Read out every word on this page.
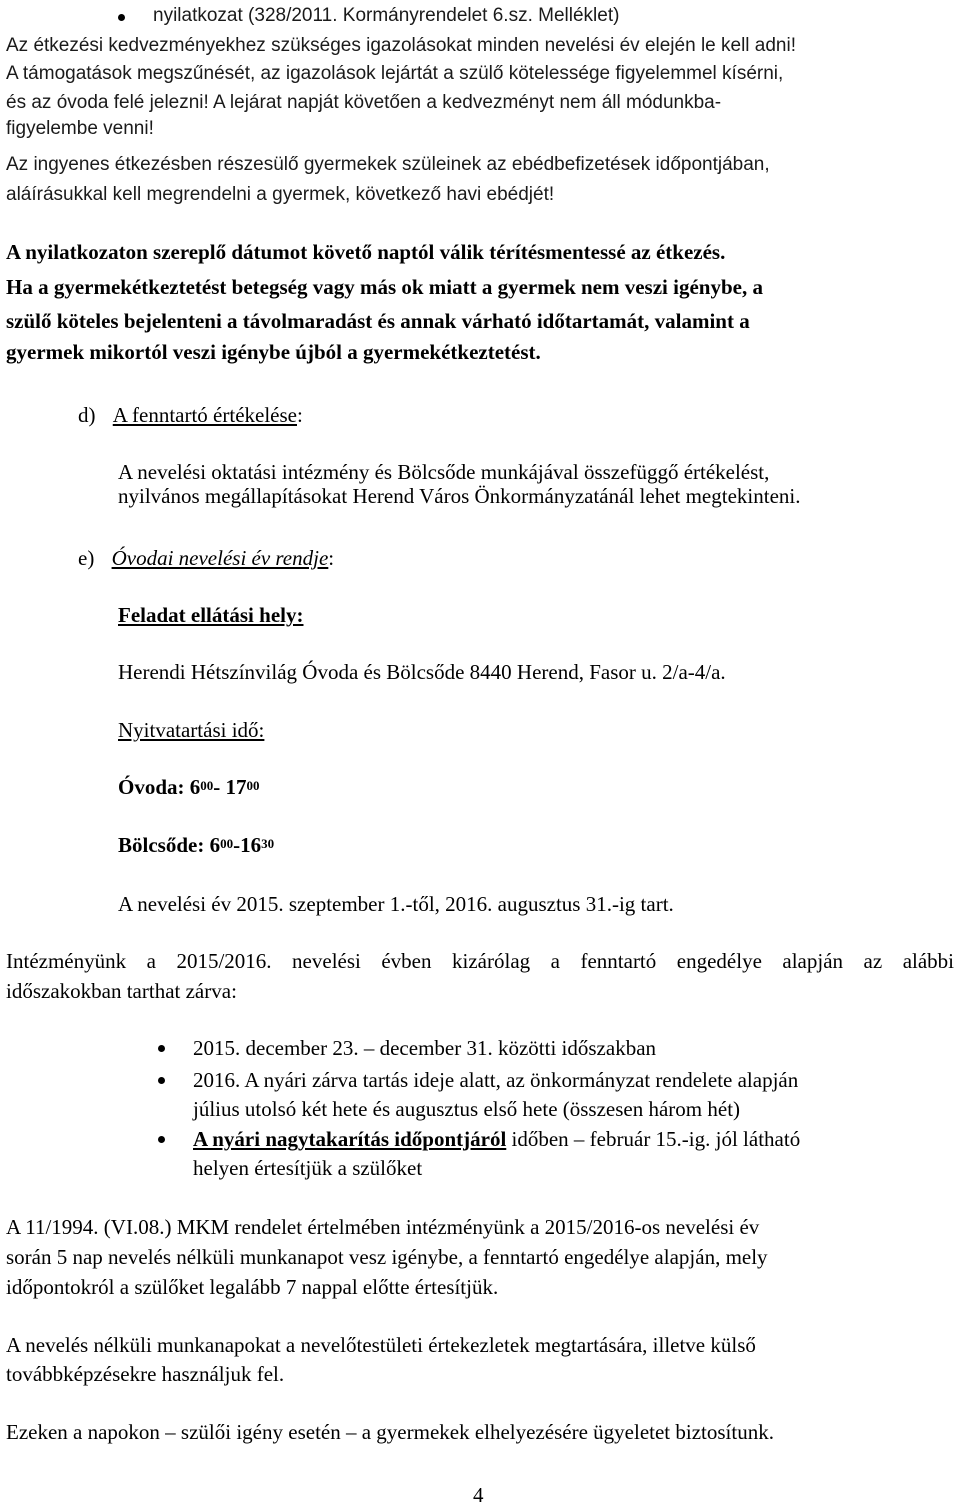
nyilatkozat (328/2011. Kormányrendelet 6.sz. Melléklet)
Az étkezési kedvezményekhez szükséges igazolásokat minden nevelési év elején le kell adni!
A támogatások megszűnését, az igazolások lejártát a szülő kötelessége figyelemmel kísérni,
és az óvoda felé jelezni! A lejárat napját követően a kedvezményt nem áll módunkba-
figyelembe venni!
Az ingyenes étkezésben részesülő gyermekek szüleinek az ebédbefizetések időpontjában,
aláírásukkal kell megrendelni a gyermek, következő havi ebédjét!
A nyilatkozaton szereplő dátumot követő naptól válik térítésmentessé az étkezés.
Ha a gyermekétkeztetést betegség vagy más ok miatt a gyermek nem veszi igénybe, a
szülő köteles bejelenteni a távolmaradást és annak várható időtartamát, valamint a
gyermek mikortól veszi igénybe újból a gyermekétkeztetést.
d) A fenntartó értékelése:
A nevelési oktatási intézmény és Bölcsőde munkájával összefüggő értékelést,
nyilvános megállapításokat Herend Város Önkormányzatánál lehet megtekinteni.
e) Óvodai nevelési év rendje:
Feladat ellátási hely:
Herendi Hétszínvilág Óvoda és Bölcsőde 8440 Herend, Fasor u. 2/a-4/a.
Nyitvatartási idő:
Óvoda: $6^{00}-$ $17^{00}$
Bölcsőde: $6^{00}-16^{30}$
A nevelési év 2015. szeptember 1.-től, 2016. augusztus 31.-ig tart.
Intézményünk a 2015/2016. nevelési évben kizárólag a fenntartó engedélye alapján az alábbi
időszakokban tarthat zárva:
2015. december 23. – december 31. közötti időszakban
2016. A nyári zárva tartás ideje alatt, az önkormányzat rendelete alapján
július utolsó két hete és augusztus első hete (összesen három hét)
A nyári nagytakarítás időpontjáról időben – február 15.-ig. jól látható
helyen értesítjük a szülőket
A 11/1994. (VI.08.) MKM rendelet értelmében intézményünk a 2015/2016-os nevelési év
során 5 nap nevelés nélküli munkanapot vesz igénybe, a fenntartó engedélye alapján, mely
időpontokról a szülőket legalább 7 nappal előtte értesítjük.
A nevelés nélküli munkanapokat a nevelőtestületi értekezletek megtartására, illetve külső
továbbképzésekre használjuk fel.
Ezeken a napokon – szülői igény esetén – a gyermekek elhelyezésére ügyeletet biztosítunk.
4
